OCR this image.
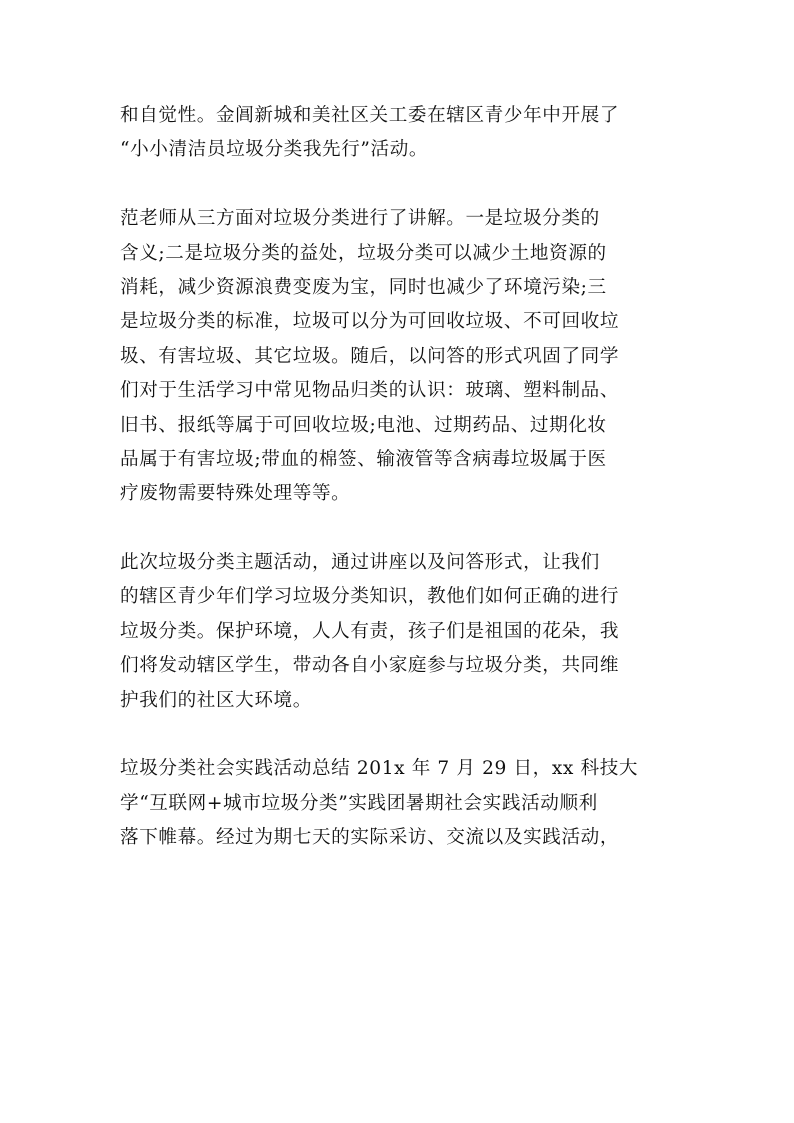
和自觉性。金阊新城和美社区关工委在辖区青少年中开展了
“小小清洁员垃圾分类我先行”活动。
范老师从三方面对垃圾分类进行了讲解。一是垃圾分类的
含义;二是垃圾分类的益处，垃圾分类可以减少土地资源的
消耗，减少资源浪费变废为宝，同时也减少了环境污染;三
是垃圾分类的标准，垃圾可以分为可回收垃圾、不可回收垃
圾、有害垃圾、其它垃圾。随后，以问答的形式巩固了同学
们对于生活学习中常见物品归类的认识：玻璃、塑料制品、
旧书、报纸等属于可回收垃圾;电池、过期药品、过期化妆
品属于有害垃圾;带血的棉签、输液管等含病毒垃圾属于医
疗废物需要特殊处理等等。
此次垃圾分类主题活动，通过讲座以及问答形式，让我们
的辖区青少年们学习垃圾分类知识，教他们如何正确的进行
垃圾分类。保护环境，人人有责，孩子们是祖国的花朵，我
们将发动辖区学生，带动各自小家庭参与垃圾分类，共同维
护我们的社区大环境。
垃圾分类社会实践活动总结 201x 年 7 月 29 日，xx 科技大
学“互联网+城市垃圾分类”实践团暑期社会实践活动顺利
落下帷幕。经过为期七天的实际采访、交流以及实践活动，
